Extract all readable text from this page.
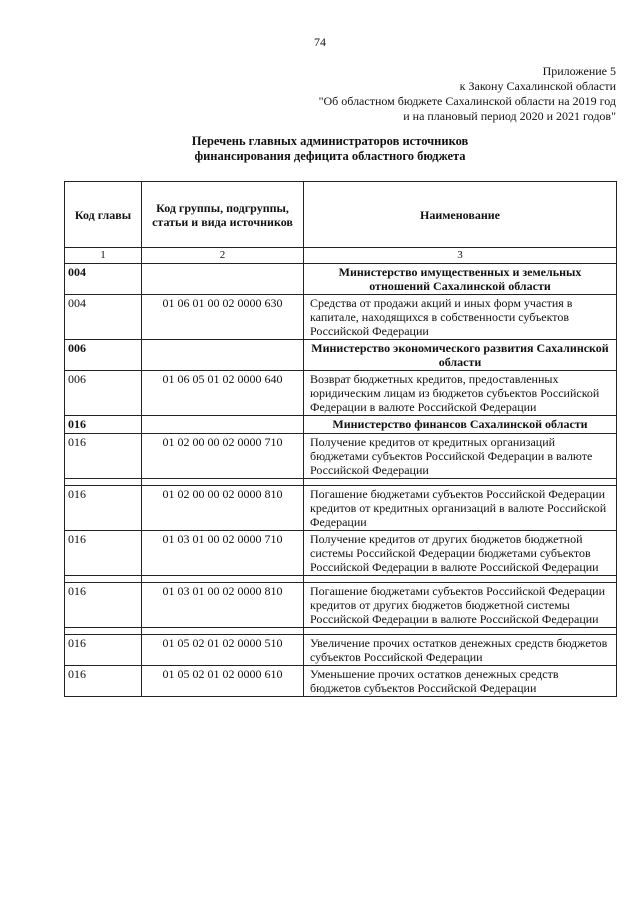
74
Приложение 5
к Закону Сахалинской области
"Об областном бюджете Сахалинской области на 2019 год
и на плановый период 2020 и 2021 годов"
Перечень главных администраторов источников
финансирования дефицита областного бюджета
Код главы	Код группы, подгруппы, статьи и вида источников	Наименование
1	2	3
004		Министерство имущественных и земельных отношений Сахалинской области
004	01 06 01 00 02 0000 630	Средства от продажи акций и иных форм участия в капитале, находящихся в собственности субъектов Российской Федерации
006		Министерство экономического развития Сахалинской области
006	01 06 05 01 02 0000 640	Возврат бюджетных кредитов, предоставленных юридическим лицам из бюджетов субъектов Российской Федерации в валюте Российской Федерации
016		Министерство финансов Сахалинской области
016	01 02 00 00 02 0000 710	Получение кредитов от кредитных организаций бюджетами субъектов Российской Федерации в валюте Российской Федерации

016	01 02 00 00 02 0000 810	Погашение бюджетами субъектов Российской Федерации кредитов от кредитных организаций в валюте Российской Федерации
016	01 03 01 00 02 0000 710	Получение кредитов от других бюджетов бюджетной системы Российской Федерации бюджетами субъектов Российской Федерации в валюте Российской Федерации

016	01 03 01 00 02 0000 810	Погашение бюджетами субъектов Российской Федерации кредитов от других бюджетов бюджетной системы Российской Федерации в валюте Российской Федерации

016	01 05 02 01 02 0000 510	Увеличение прочих остатков денежных средств бюджетов субъектов Российской Федерации
016	01 05 02 01 02 0000 610	Уменьшение прочих остатков денежных средств бюджетов субъектов Российской Федерации
